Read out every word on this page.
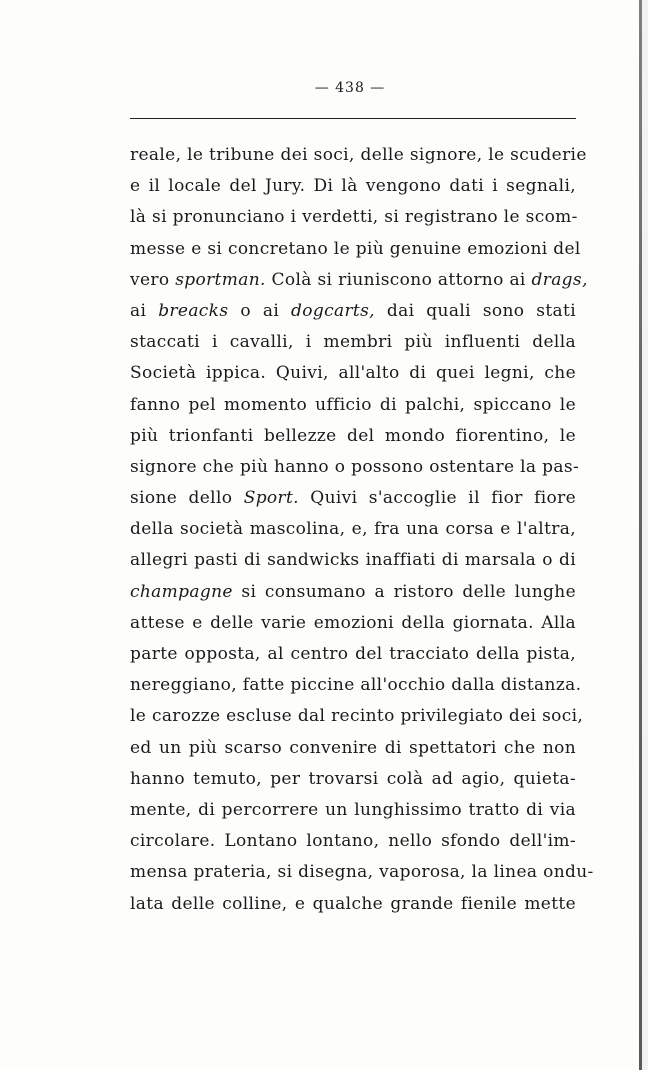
— 438 —
reale, le tribune dei soci, delle signore, le scuderie
e il locale del Jury. Di là vengono dati i segnali,
là si pronunciano i verdetti, si registrano le scom-
messe e si concretano le più genuine emozioni del
vero sportman. Colà si riuniscono attorno ai drags,
ai breacks o ai dogcarts, dai quali sono stati
staccati i cavalli, i membri più influenti della
Società ippica. Quivi, all'alto di quei legni, che
fanno pel momento ufficio di palchi, spiccano le
più trionfanti bellezze del mondo fiorentino, le
signore che più hanno o possono ostentare la pas-
sione dello Sport. Quivi s'accoglie il fior fiore
della società mascolina, e, fra una corsa e l'altra,
allegri pasti di sandwicks inaffiati di marsala o di
champagne si consumano a ristoro delle lunghe
attese e delle varie emozioni della giornata. Alla
parte opposta, al centro del tracciato della pista,
nereggiano, fatte piccine all'occhio dalla distanza.
le carozze escluse dal recinto privilegiato dei soci,
ed un più scarso convenire di spettatori che non
hanno temuto, per trovarsi colà ad agio, quieta-
mente, di percorrere un lunghissimo tratto di via
circolare. Lontano lontano, nello sfondo dell'im-
mensa prateria, si disegna, vaporosa, la linea ondu-
lata delle colline, e qualche grande fienile mette
